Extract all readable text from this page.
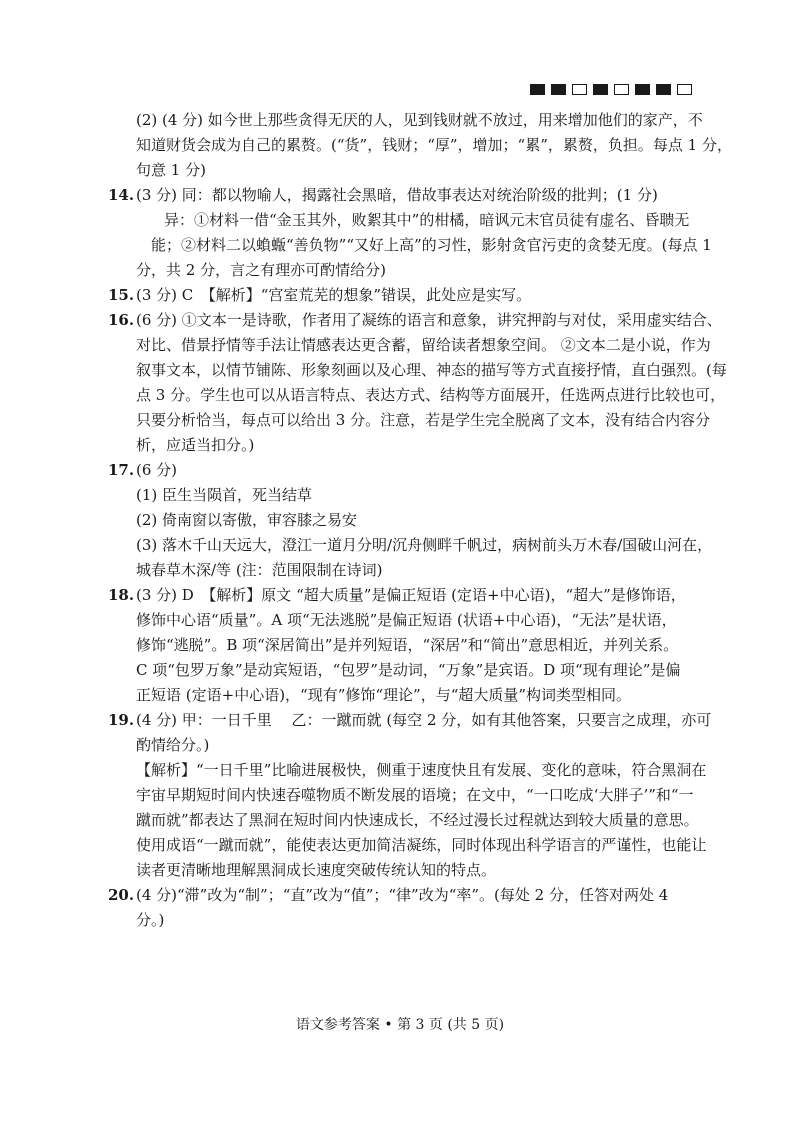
(2) (4 分) 如今世上那些贪得无厌的人，见到钱财就不放过，用来增加他们的家产，不
知道财货会成为自己的累赘。(“货”，钱财；“厚”，增加；“累”，累赘，负担。每点 1 分，
句意 1 分)
14. (3 分) 同：都以物喻人，揭露社会黑暗，借故事表达对统治阶级的批判；(1 分)
异：①材料一借“金玉其外，败絮其中”的柑橘，暗讽元末官员徒有虚名、昏聩无
能；②材料二以蝜蝂“善负物”“又好上高”的习性，影射贪官污吏的贪婪无度。(每点 1
分，共 2 分，言之有理亦可酌情给分)
15. (3 分) C　【解析】“宫室荒芜的想象”错误，此处应是实写。
16. (6 分) ①文本一是诗歌，作者用了凝练的语言和意象，讲究押韵与对仗，采用虚实结合、
对比、借景抒情等手法让情感表达更含蓄，留给读者想象空间。 ②文本二是小说，作为
叙事文本，以情节铺陈、形象刻画以及心理、神态的描写等方式直接抒情，直白强烈。(每
点 3 分。学生也可以从语言特点、表达方式、结构等方面展开，任选两点进行比较也可，
只要分析恰当，每点可以给出 3 分。注意，若是学生完全脱离了文本，没有结合内容分
析，应适当扣分。)
17. (6 分)
(1) 臣生当陨首，死当结草
(2) 倚南窗以寄傲，审容膝之易安
(3) 落木千山天远大，澄江一道月分明/沉舟侧畔千帆过，病树前头万木春/国破山河在，
城春草木深/等 (注：范围限制在诗词)
18. (3 分) D　【解析】原文 “超大质量”是偏正短语 (定语+中心语)，“超大”是修饰语，
修饰中心语“质量”。A 项“无法逃脱”是偏正短语 (状语+中心语)，“无法”是状语，
修饰“逃脱”。B 项“深居简出”是并列短语，“深居”和“简出”意思相近，并列关系。
C 项“包罗万象”是动宾短语，“包罗”是动词，“万象”是宾语。D 项“现有理论”是偏
正短语 (定语+中心语)，“现有”修饰“理论”，与“超大质量”构词类型相同。
19. (4 分) 甲：一日千里　 乙：一蹴而就 (每空 2 分，如有其他答案，只要言之成理，亦可
酌情给分。)
【解析】“一日千里”比喻进展极快，侧重于速度快且有发展、变化的意味，符合黑洞在
宇宙早期短时间内快速吞噬物质不断发展的语境；在文中，“一口吃成‘大胖子’”和“一
蹴而就”都表达了黑洞在短时间内快速成长，不经过漫长过程就达到较大质量的意思。
使用成语“一蹴而就”，能使表达更加简洁凝练，同时体现出科学语言的严谨性，也能让
读者更清晰地理解黑洞成长速度突破传统认知的特点。
20. (4 分)“滞”改为“制”；“直”改为“值”；“律”改为“率”。(每处 2 分，任答对两处 4
分。)
语文参考答案 • 第 3 页 (共 5 页)
